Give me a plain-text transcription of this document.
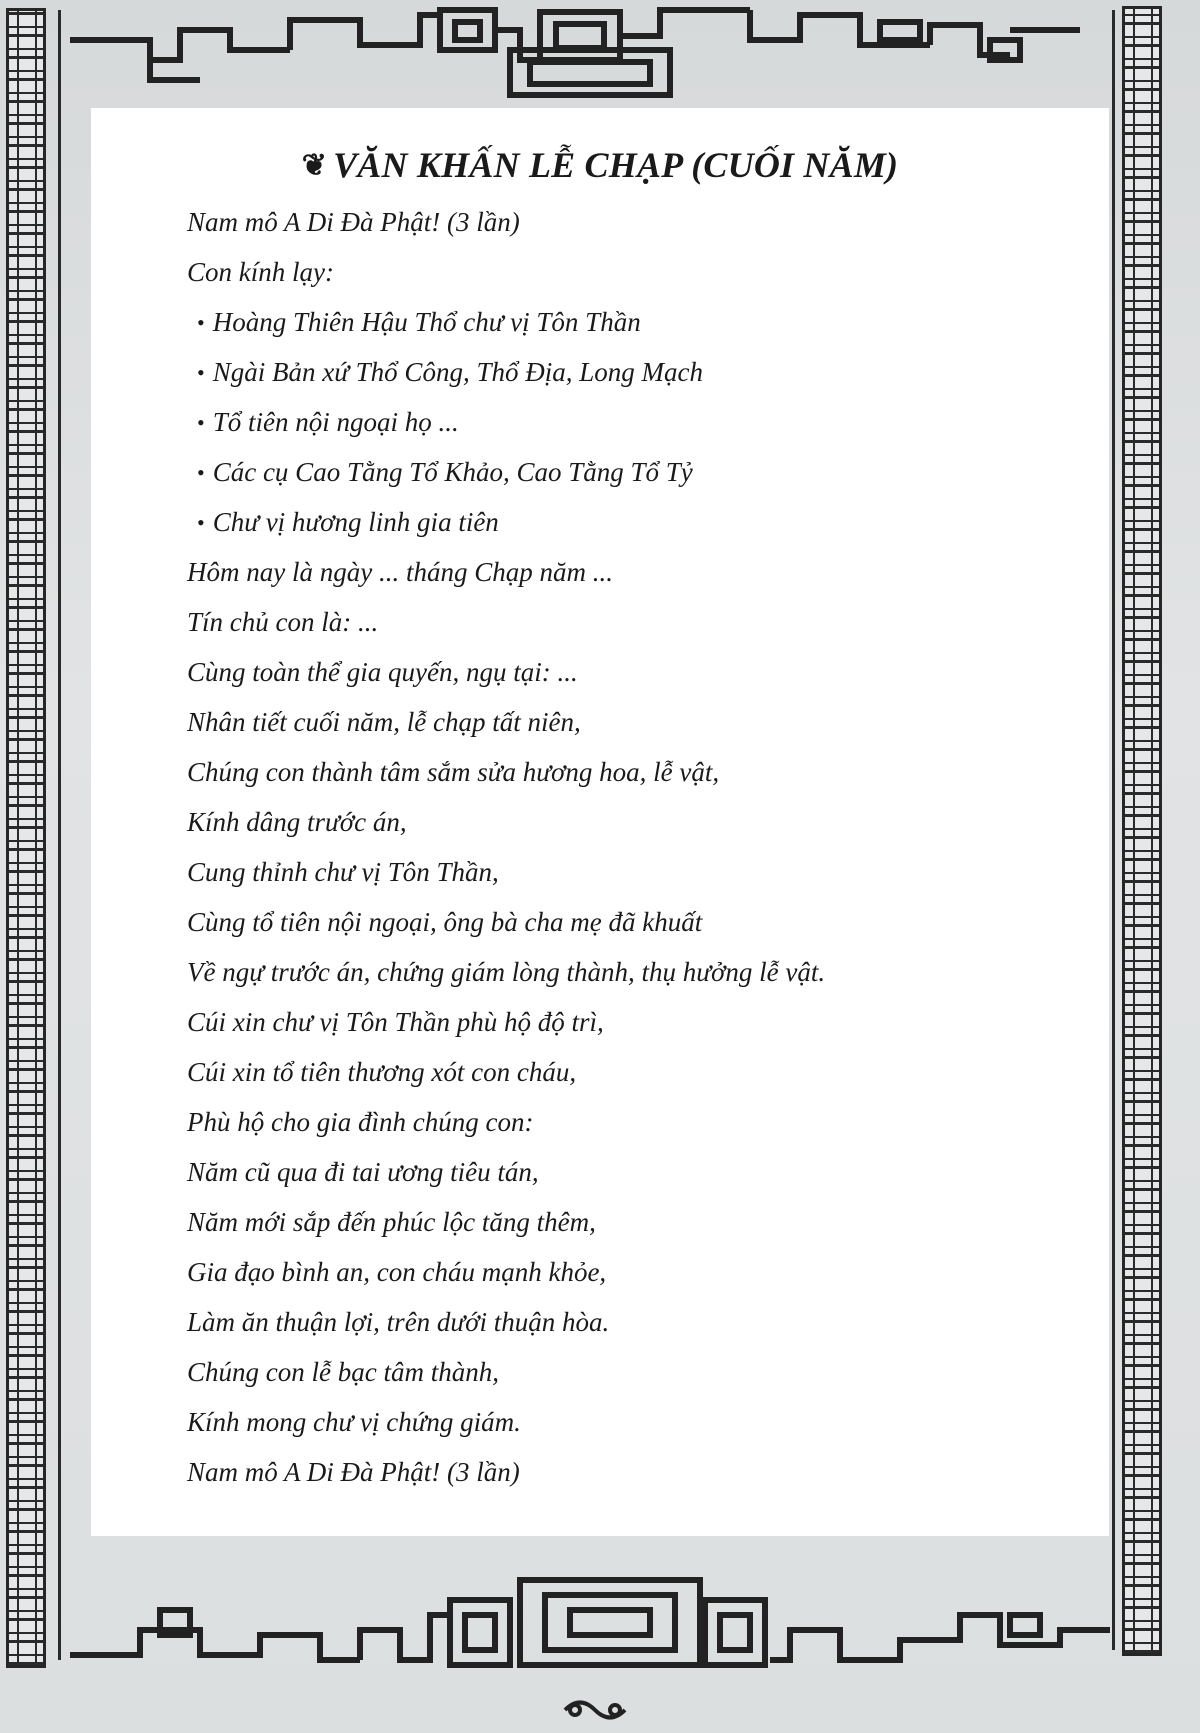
❦ VĂN KHẤN LỄ CHẠP (CUỐI NĂM)
Nam mô A Di Đà Phật! (3 lần)
Con kính lạy:
• Hoàng Thiên Hậu Thổ chư vị Tôn Thần
• Ngài Bản xứ Thổ Công, Thổ Địa, Long Mạch
• Tổ tiên nội ngoại họ ...
• Các cụ Cao Tằng Tổ Khảo, Cao Tằng Tổ Tỷ
• Chư vị hương linh gia tiên
Hôm nay là ngày ... tháng Chạp năm ...
Tín chủ con là: ...
Cùng toàn thể gia quyến, ngụ tại: ...
Nhân tiết cuối năm, lễ chạp tất niên,
Chúng con thành tâm sắm sửa hương hoa, lễ vật,
Kính dâng trước án,
Cung thỉnh chư vị Tôn Thần,
Cùng tổ tiên nội ngoại, ông bà cha mẹ đã khuất
Về ngự trước án, chứng giám lòng thành, thụ hưởng lễ vật.
Cúi xin chư vị Tôn Thần phù hộ độ trì,
Cúi xin tổ tiên thương xót con cháu,
Phù hộ cho gia đình chúng con:
Năm cũ qua đi tai ương tiêu tán,
Năm mới sắp đến phúc lộc tăng thêm,
Gia đạo bình an, con cháu mạnh khỏe,
Làm ăn thuận lợi, trên dưới thuận hòa.
Chúng con lễ bạc tâm thành,
Kính mong chư vị chứng giám.
Nam mô A Di Đà Phật! (3 lần)
